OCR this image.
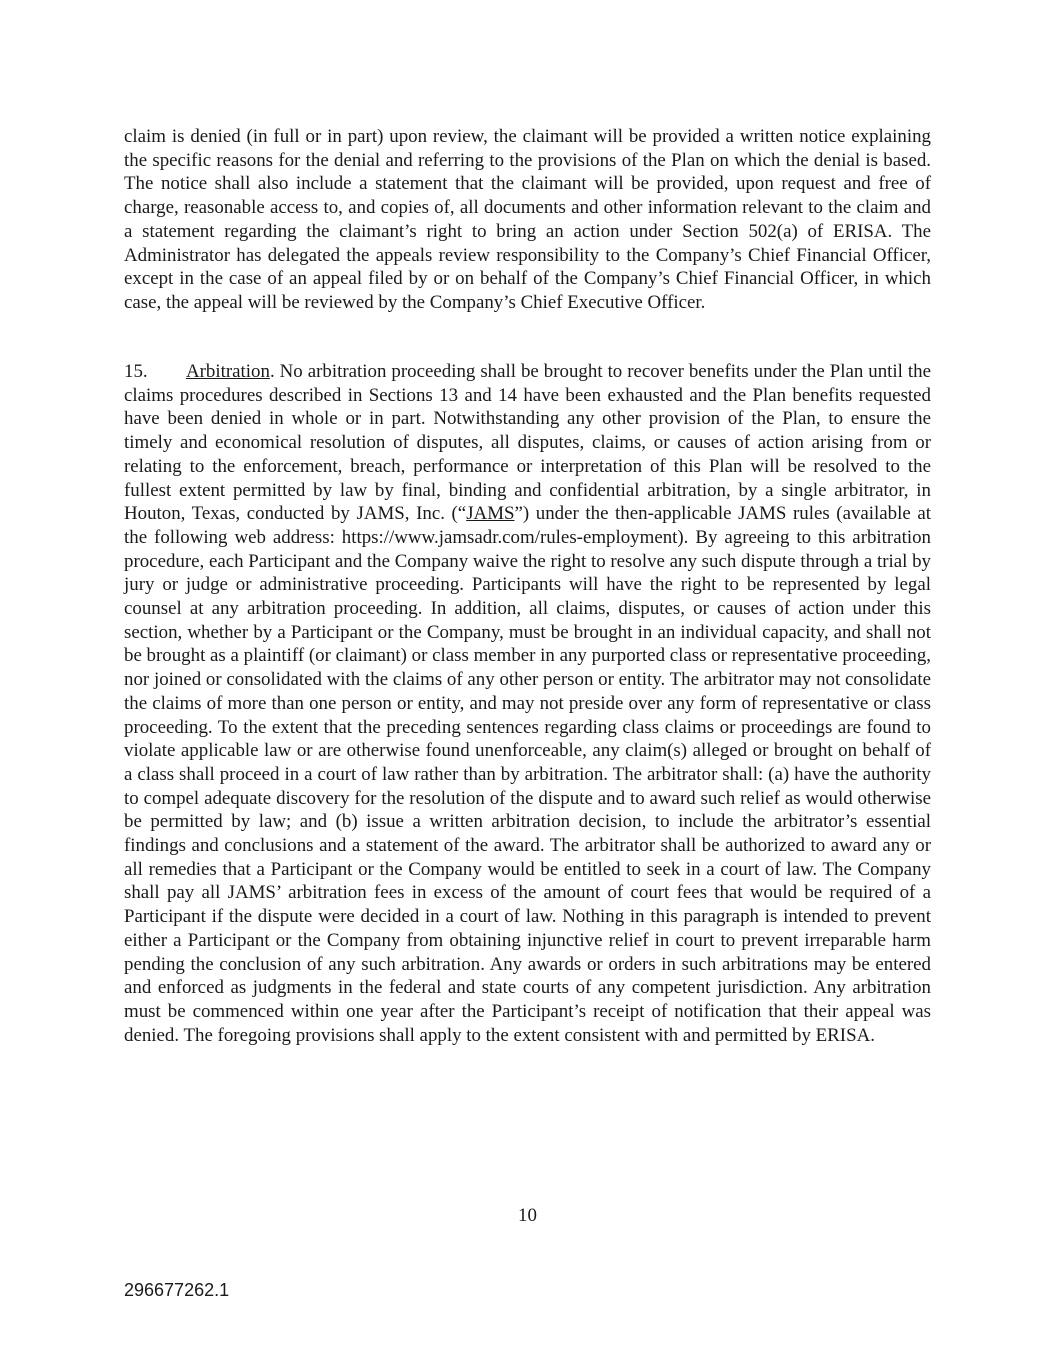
claim is denied (in full or in part) upon review, the claimant will be provided a written notice explaining the specific reasons for the denial and referring to the provisions of the Plan on which the denial is based. The notice shall also include a statement that the claimant will be provided, upon request and free of charge, reasonable access to, and copies of, all documents and other information relevant to the claim and a statement regarding the claimant’s right to bring an action under Section 502(a) of ERISA. The Administrator has delegated the appeals review responsibility to the Company’s Chief Financial Officer, except in the case of an appeal filed by or on behalf of the Company’s Chief Financial Officer, in which case, the appeal will be reviewed by the Company’s Chief Executive Officer.

15. Arbitration. No arbitration proceeding shall be brought to recover benefits under the Plan until the claims procedures described in Sections 13 and 14 have been exhausted and the Plan benefits requested have been denied in whole or in part. Notwithstanding any other provision of the Plan, to ensure the timely and economical resolution of disputes, all disputes, claims, or causes of action arising from or relating to the enforcement, breach, performance or interpretation of this Plan will be resolved to the fullest extent permitted by law by final, binding and confidential arbitration, by a single arbitrator, in Houton, Texas, conducted by JAMS, Inc. (“JAMS”) under the then-applicable JAMS rules (available at the following web address: https://www.jamsadr.com/rules-employment). By agreeing to this arbitration procedure, each Participant and the Company waive the right to resolve any such dispute through a trial by jury or judge or administrative proceeding. Participants will have the right to be represented by legal counsel at any arbitration proceeding. In addition, all claims, disputes, or causes of action under this section, whether by a Participant or the Company, must be brought in an individual capacity, and shall not be brought as a plaintiff (or claimant) or class member in any purported class or representative proceeding, nor joined or consolidated with the claims of any other person or entity. The arbitrator may not consolidate the claims of more than one person or entity, and may not preside over any form of representative or class proceeding. To the extent that the preceding sentences regarding class claims or proceedings are found to violate applicable law or are otherwise found unenforceable, any claim(s) alleged or brought on behalf of a class shall proceed in a court of law rather than by arbitration. The arbitrator shall: (a) have the authority to compel adequate discovery for the resolution of the dispute and to award such relief as would otherwise be permitted by law; and (b) issue a written arbitration decision, to include the arbitrator’s essential findings and conclusions and a statement of the award. The arbitrator shall be authorized to award any or all remedies that a Participant or the Company would be entitled to seek in a court of law. The Company shall pay all JAMS’ arbitration fees in excess of the amount of court fees that would be required of a Participant if the dispute were decided in a court of law. Nothing in this paragraph is intended to prevent either a Participant or the Company from obtaining injunctive relief in court to prevent irreparable harm pending the conclusion of any such arbitration. Any awards or orders in such arbitrations may be entered and enforced as judgments in the federal and state courts of any competent jurisdiction. Any arbitration must be commenced within one year after the Participant’s receipt of notification that their appeal was denied. The foregoing provisions shall apply to the extent consistent with and permitted by ERISA.

10

296677262.1
